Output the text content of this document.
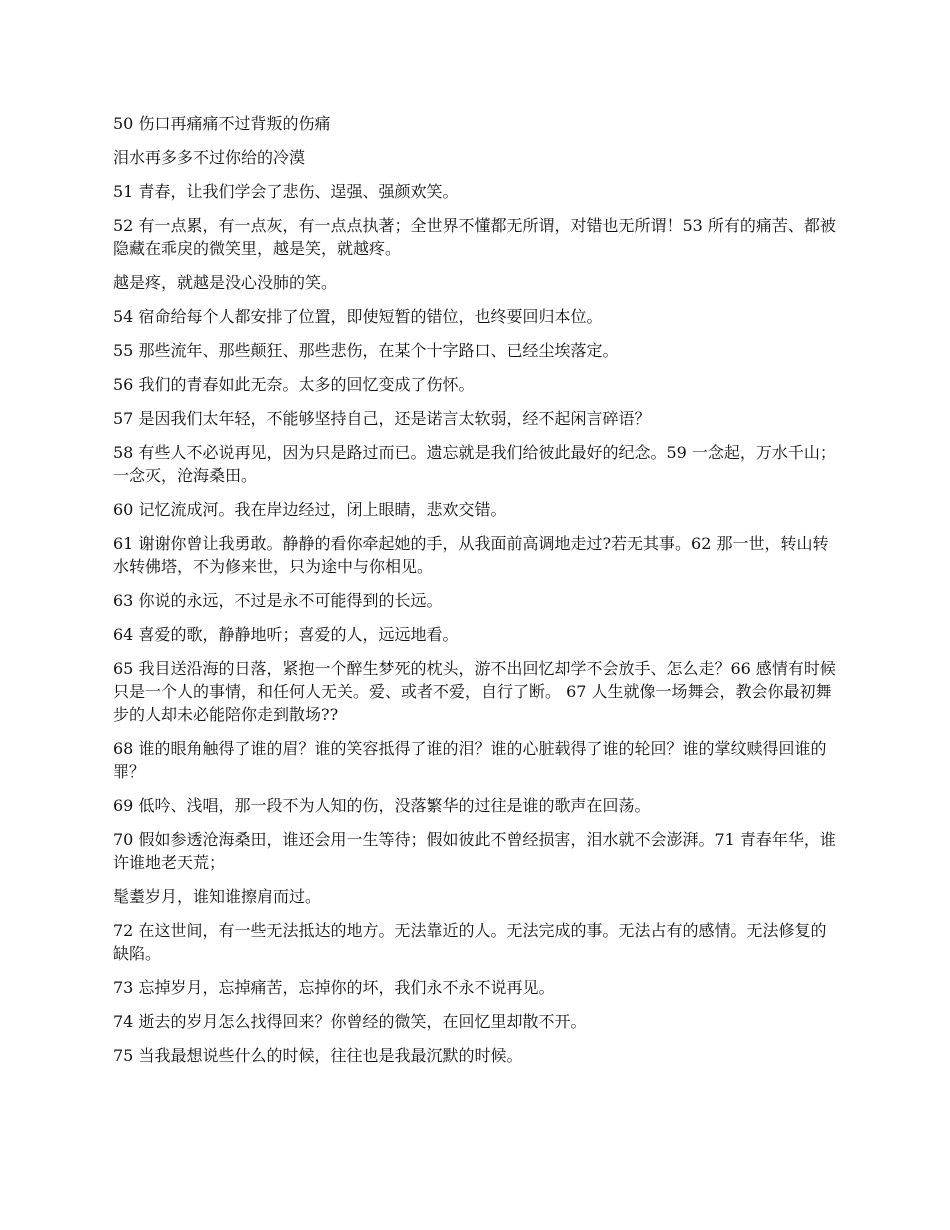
50 伤口再痛痛不过背叛的伤痛

泪水再多多不过你给的冷漠

51 青春，让我们学会了悲伤、逞强、强颜欢笑。

52 有一点累，有一点灰，有一点点执著；全世界不懂都无所谓，对错也无所谓！53 所有的痛苦、都被隐藏在乖戾的微笑里，越是笑，就越疼。

越是疼，就越是没心没肺的笑。

54 宿命给每个人都安排了位置，即使短暂的错位，也终要回归本位。

55 那些流年、那些颠狂、那些悲伤，在某个十字路口、已经尘埃落定。

56 我们的青春如此无奈。太多的回忆变成了伤怀。

57 是因我们太年轻，不能够坚持自己，还是诺言太软弱，经不起闲言碎语？

58 有些人不必说再见，因为只是路过而已。遗忘就是我们给彼此最好的纪念。59 一念起，万水千山；一念灭，沧海桑田。

60 记忆流成河。我在岸边经过，闭上眼睛，悲欢交错。

61 谢谢你曾让我勇敢。静静的看你牵起她的手，从我面前高调地走过?若无其事。62 那一世，转山转水转佛塔，不为修来世，只为途中与你相见。

63 你说的永远，不过是永不可能得到的长远。

64 喜爱的歌，静静地听；喜爱的人，远远地看。

65 我目送沿海的日落，紧抱一个醉生梦死的枕头，游不出回忆却学不会放手、怎么走？66 感情有时候只是一个人的事情，和任何人无关。爱、或者不爱，自行了断。 67 人生就像一场舞会，教会你最初舞步的人却未必能陪你走到散场??

68 谁的眼角触得了谁的眉？谁的笑容抵得了谁的泪？谁的心脏载得了谁的轮回？谁的掌纹赎得回谁的罪？

69 低吟、浅唱，那一段不为人知的伤，没落繁华的过往是谁的歌声在回荡。

70 假如参透沧海桑田，谁还会用一生等待；假如彼此不曾经损害，泪水就不会澎湃。71 青春年华，谁许谁地老天荒；

髦耋岁月，谁知谁擦肩而过。

72 在这世间，有一些无法抵达的地方。无法靠近的人。无法完成的事。无法占有的感情。无法修复的缺陷。

73 忘掉岁月，忘掉痛苦，忘掉你的坏，我们永不永不说再见。

74 逝去的岁月怎么找得回来？你曾经的微笑，在回忆里却散不开。

75 当我最想说些什么的时候，往往也是我最沉默的时候。
